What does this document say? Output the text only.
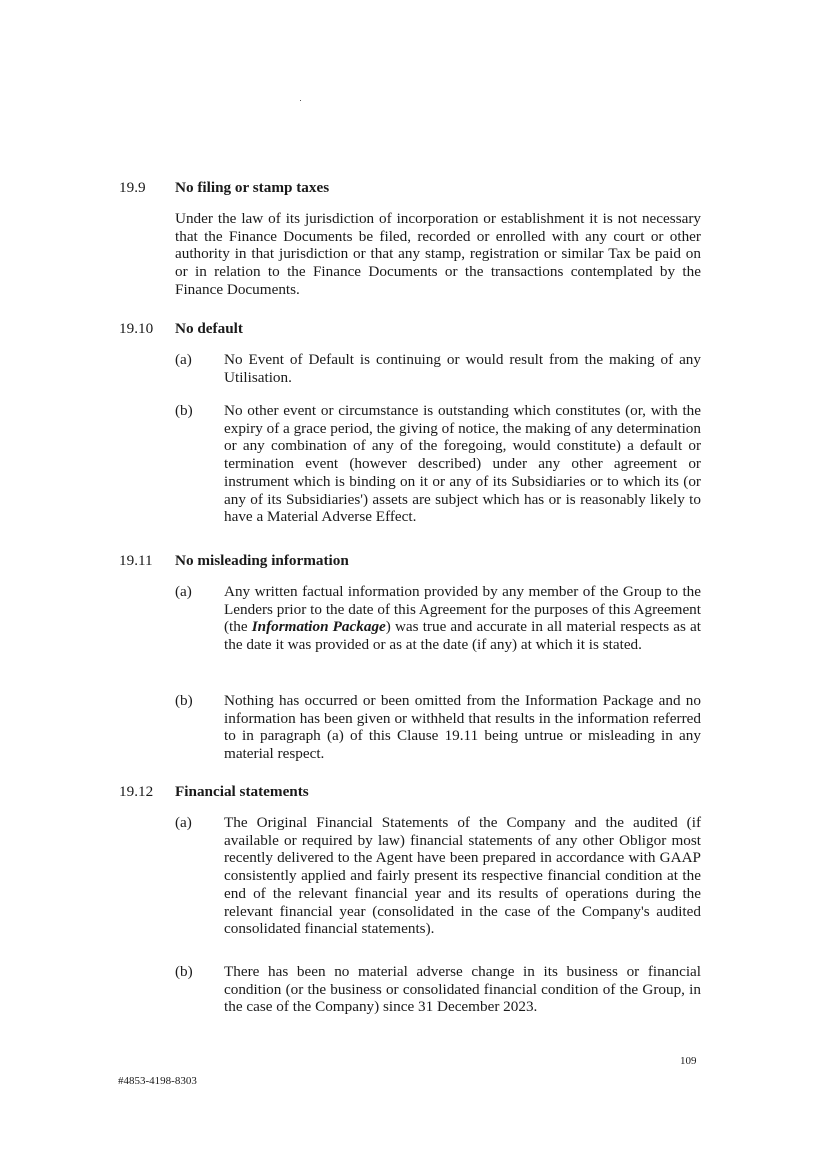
19.9 No filing or stamp taxes
Under the law of its jurisdiction of incorporation or establishment it is not necessary that the Finance Documents be filed, recorded or enrolled with any court or other authority in that jurisdiction or that any stamp, registration or similar Tax be paid on or in relation to the Finance Documents or the transactions contemplated by the Finance Documents.
19.10 No default
(a) No Event of Default is continuing or would result from the making of any Utilisation.
(b) No other event or circumstance is outstanding which constitutes (or, with the expiry of a grace period, the giving of notice, the making of any determination or any combination of any of the foregoing, would constitute) a default or termination event (however described) under any other agreement or instrument which is binding on it or any of its Subsidiaries or to which its (or any of its Subsidiaries') assets are subject which has or is reasonably likely to have a Material Adverse Effect.
19.11 No misleading information
(a) Any written factual information provided by any member of the Group to the Lenders prior to the date of this Agreement for the purposes of this Agreement (the Information Package) was true and accurate in all material respects as at the date it was provided or as at the date (if any) at which it is stated.
(b) Nothing has occurred or been omitted from the Information Package and no information has been given or withheld that results in the information referred to in paragraph (a) of this Clause 19.11 being untrue or misleading in any material respect.
19.12 Financial statements
(a) The Original Financial Statements of the Company and the audited (if available or required by law) financial statements of any other Obligor most recently delivered to the Agent have been prepared in accordance with GAAP consistently applied and fairly present its respective financial condition at the end of the relevant financial year and its results of operations during the relevant financial year (consolidated in the case of the Company's audited consolidated financial statements).
(b) There has been no material adverse change in its business or financial condition (or the business or consolidated financial condition of the Group, in the case of the Company) since 31 December 2023.
109
#4853-4198-8303
